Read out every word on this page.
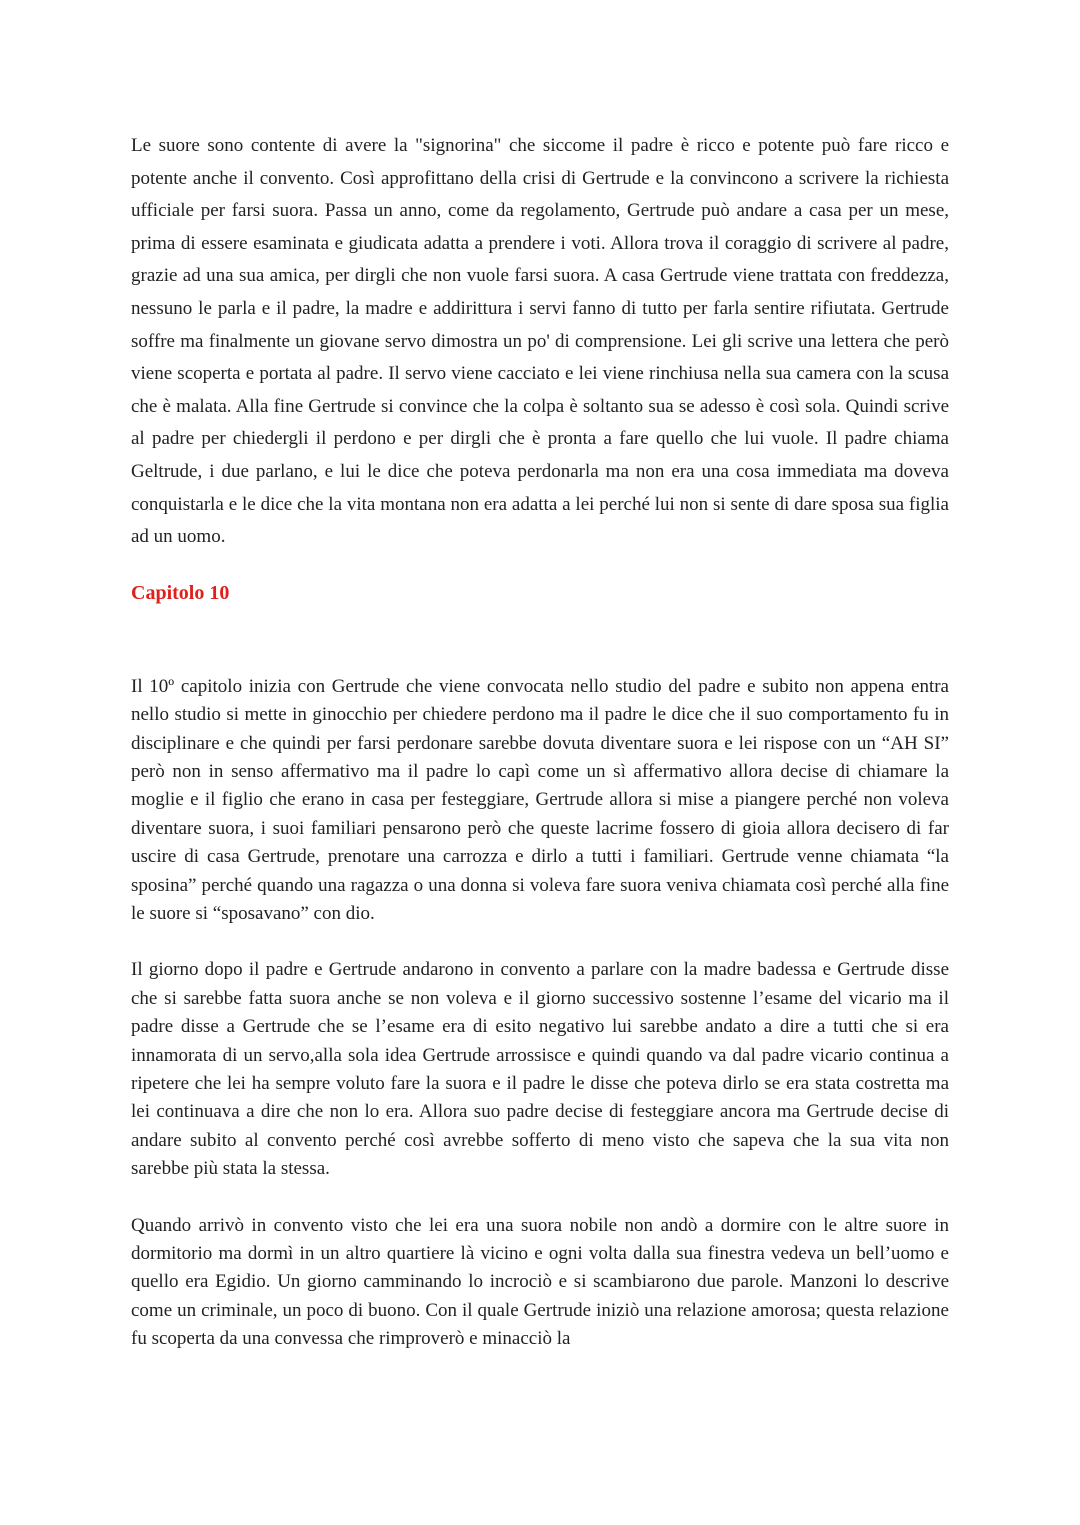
Le suore sono contente di avere la "signorina" che siccome il padre è ricco e potente può fare ricco e potente anche il convento. Così approfittano della crisi di Gertrude e la convincono a scrivere la richiesta ufficiale per farsi suora. Passa un anno, come da regolamento, Gertrude può andare a casa per un mese, prima di essere esaminata e giudicata adatta a prendere i voti. Allora trova il coraggio di scrivere al padre, grazie ad una sua amica, per dirgli che non vuole farsi suora. A casa Gertrude viene trattata con freddezza, nessuno le parla e il padre, la madre e addirittura i servi fanno di tutto per farla sentire rifiutata. Gertrude soffre ma finalmente un giovane servo dimostra un po' di comprensione. Lei gli scrive una lettera che però viene scoperta e portata al padre. Il servo viene cacciato e lei viene rinchiusa nella sua camera con la scusa che è malata. Alla fine Gertrude si convince che la colpa è soltanto sua se adesso è così sola. Quindi scrive al padre per chiedergli il perdono e per dirgli che è pronta a fare quello che lui vuole. Il padre chiama Geltrude, i due parlano, e lui le dice che poteva perdonarla ma non era una cosa immediata ma doveva conquistarla e le dice che la vita montana non era adatta a lei perché lui non si sente di dare sposa sua figlia ad un uomo.

Capitolo 10

Il 10º capitolo inizia con Gertrude che viene convocata nello studio del padre e subito non appena entra nello studio si mette in ginocchio per chiedere perdono ma il padre le dice che il suo comportamento fu in disciplinare e che quindi per farsi perdonare sarebbe dovuta diventare suora e lei rispose con un “AH SI” però non in senso affermativo ma il padre lo capì come un sì affermativo allora decise di chiamare la moglie e il figlio che erano in casa per festeggiare, Gertrude allora si mise a piangere perché non voleva diventare suora, i suoi familiari pensarono però che queste lacrime fossero di gioia allora decisero di far uscire di casa Gertrude, prenotare una carrozza e dirlo a tutti i familiari. Gertrude venne chiamata “la sposina” perché quando una ragazza o una donna si voleva fare suora veniva chiamata così perché alla fine le suore si “sposavano” con dio.

Il giorno dopo il padre e Gertrude andarono in convento a parlare con la madre badessa e Gertrude disse che si sarebbe fatta suora anche se non voleva e il giorno successivo sostenne l’esame del vicario ma il padre disse a Gertrude che se l’esame era di esito negativo lui sarebbe andato a dire a tutti che si era innamorata di un servo,alla sola idea Gertrude arrossisce e quindi quando va dal padre vicario continua a ripetere che lei ha sempre voluto fare la suora e il padre le disse che poteva dirlo se era stata costretta ma lei continuava a dire che non lo era. Allora suo padre decise di festeggiare ancora ma Gertrude decise di andare subito al convento perché così avrebbe sofferto di meno visto che sapeva che la sua vita non sarebbe più stata la stessa.

Quando arrivò in convento visto che lei era una suora nobile non andò a dormire con le altre suore in dormitorio ma dormì in un altro quartiere là vicino e ogni volta dalla sua finestra vedeva un bell’uomo e quello era Egidio. Un giorno camminando lo incrociò e si scambiarono due parole. Manzoni lo descrive come un criminale, un poco di buono. Con il quale Gertrude iniziò una relazione amorosa; questa relazione fu scoperta da una convessa che rimproverò e minacciò la
